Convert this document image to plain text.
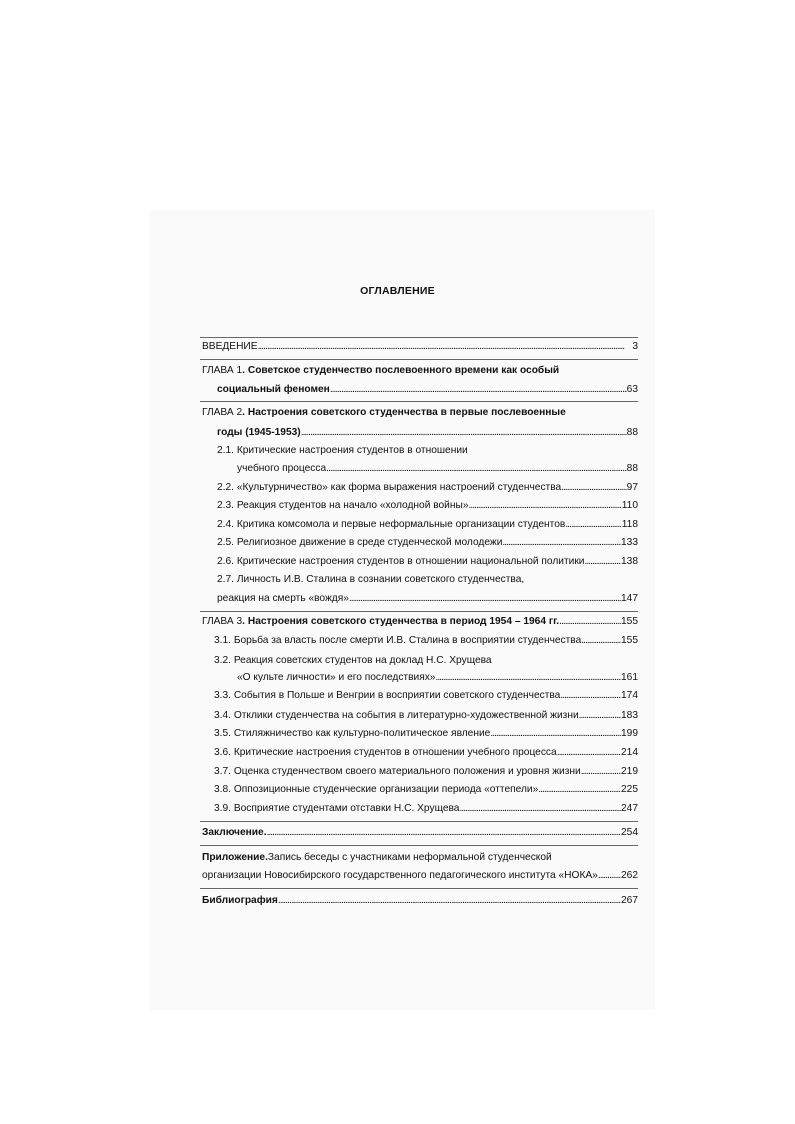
ОГЛАВЛЕНИЕ
ВВЕДЕНИЕ . . .	3
ГЛАВА 1 . Советское студенчество послевоенного времени как особый
социальный феномен . . .	63
ГЛАВА 2 . Настроения советского студенчества в первые послевоенные
годы (1945-1953) . . .	88
2.1. Критические настроения студентов в отношении
учебного процесса . . .	88
2.2. «Культурничество» как форма выражения настроений студенчества . . .	97
2.3. Реакция студентов на начало «холодной войны» . . .	110
2.4. Критика комсомола и первые неформальные организации студентов . . .	118
2.5. Религиозное движение в среде студенческой молодежи . . .	133
2.6. Критические настроения студентов в отношении национальной политики . . .	138
2.7. Личность И.В. Сталина в сознании советского студенчества,
реакция на смерть «вождя» . . .	147
ГЛАВА 3 . Настроения советского студенчества в период 1954 – 1964 гг. . . .	155
3.1. Борьба за власть после смерти И.В. Сталина в восприятии студенчества . . .	155
3.2. Реакция советских студентов на доклад Н.С. Хрущева
«О культе личности» и его последствиях» . . .	161
3.3. События в Польше и Венгрии в восприятии советского студенчества . . .	174
3.4. Отклики студенчества на события в литературно-художественной жизни . . .	183
3.5. Стиляжничество как культурно-политическое явление . . .	199
3.6. Критические настроения студентов в отношении учебного процесса . . .	214
3.7. Оценка студенчеством своего материального положения и уровня жизни . . .	219
3.8. Оппозиционные студенческие организации периода «оттепели» . . .	225
3.9. Восприятие студентами отставки Н.С. Хрущева . . .	247
Заключение. . . .	254
Приложение. Запись беседы с участниками неформальной студенческой
организации Новосибирского государственного педагогического института «НОКА» . . . 262
Библиография . . .	267
